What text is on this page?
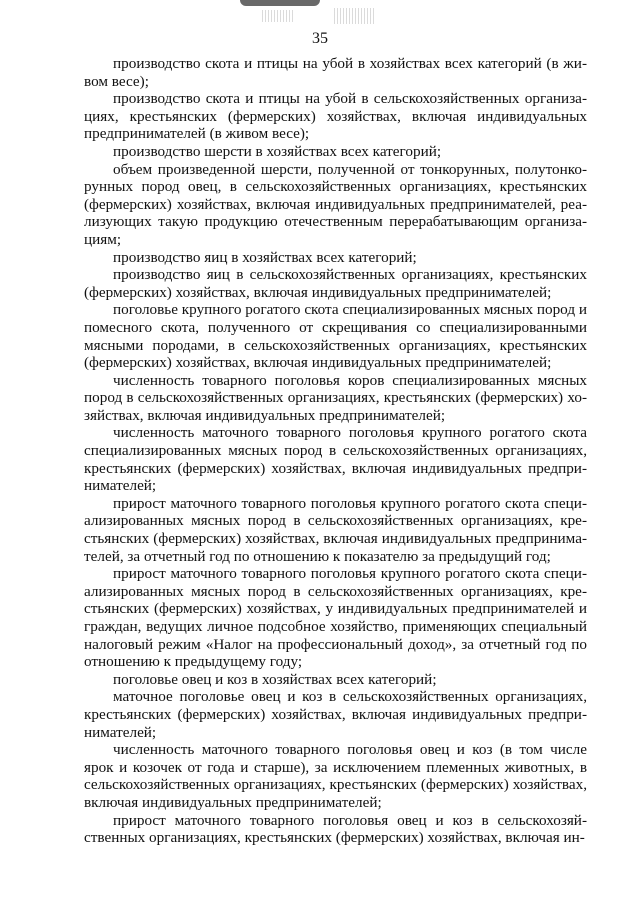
35

производство скота и птицы на убой в хозяйствах всех категорий (в живом весе);

производство скота и птицы на убой в сельскохозяйственных организациях, крестьянских (фермерских) хозяйствах, включая индивидуальных предпринимателей (в живом весе);

производство шерсти в хозяйствах всех категорий;

объем произведенной шерсти, полученной от тонкорунных, полутонкорунных пород овец, в сельскохозяйственных организациях, крестьянских (фермерских) хозяйствах, включая индивидуальных предпринимателей, реализующих такую продукцию отечественным перерабатывающим организациям;

производство яиц в хозяйствах всех категорий;

производство яиц в сельскохозяйственных организациях, крестьянских (фермерских) хозяйствах, включая индивидуальных предпринимателей;

поголовье крупного рогатого скота специализированных мясных пород и помесного скота, полученного от скрещивания со специализированными мясными породами, в сельскохозяйственных организациях, крестьянских (фермерских) хозяйствах, включая индивидуальных предпринимателей;

численность товарного поголовья коров специализированных мясных пород в сельскохозяйственных организациях, крестьянских (фермерских) хозяйствах, включая индивидуальных предпринимателей;

численность маточного товарного поголовья крупного рогатого скота специализированных мясных пород в сельскохозяйственных организациях, крестьянских (фермерских) хозяйствах, включая индивидуальных предпринимателей;

прирост маточного товарного поголовья крупного рогатого скота специализированных мясных пород в сельскохозяйственных организациях, крестьянских (фермерских) хозяйствах, включая индивидуальных предпринимателей, за отчетный год по отношению к показателю за предыдущий год;

прирост маточного товарного поголовья крупного рогатого скота специализированных мясных пород в сельскохозяйственных организациях, крестьянских (фермерских) хозяйствах, у индивидуальных предпринимателей и граждан, ведущих личное подсобное хозяйство, применяющих специальный налоговый режим «Налог на профессиональный доход», за отчетный год по отношению к предыдущему году;

поголовье овец и коз в хозяйствах всех категорий;

маточное поголовье овец и коз в сельскохозяйственных организациях, крестьянских (фермерских) хозяйствах, включая индивидуальных предпринимателей;

численность маточного товарного поголовья овец и коз (в том числе ярок и козочек от года и старше), за исключением племенных животных, в сельскохозяйственных организациях, крестьянских (фермерских) хозяйствах, включая индивидуальных предпринимателей;

прирост маточного товарного поголовья овец и коз в сельскохозяйственных организациях, крестьянских (фермерских) хозяйствах, включая ин-
